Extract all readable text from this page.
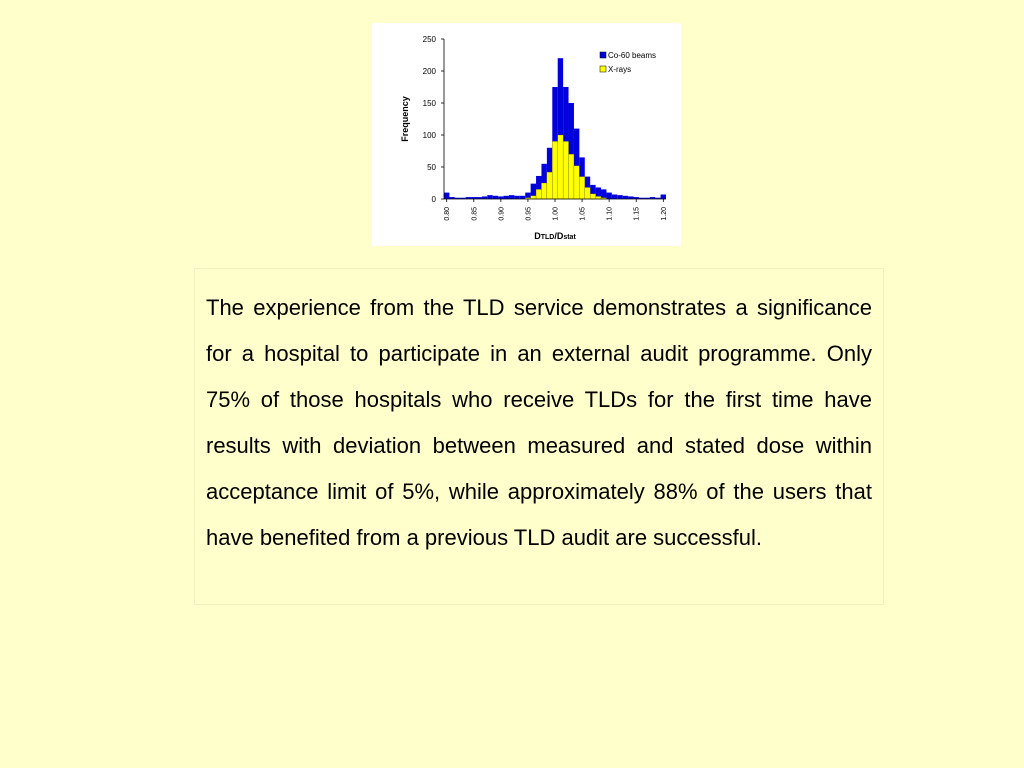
Frequency
DTLD/Dstat
0
50
100
150
200
250
0.80	0.85	0.90	0.95	1.00	1.05	1.10	1.15	1.20
Co-60 beams
X-rays

The experience from the TLD service demonstrates a significance for a hospital to participate in an external audit programme. Only 75% of those hospitals who receive TLDs for the first time have results with deviation between measured and stated dose within acceptance limit of 5%, while approximately 88% of the users that have benefited from a previous TLD audit are successful.
